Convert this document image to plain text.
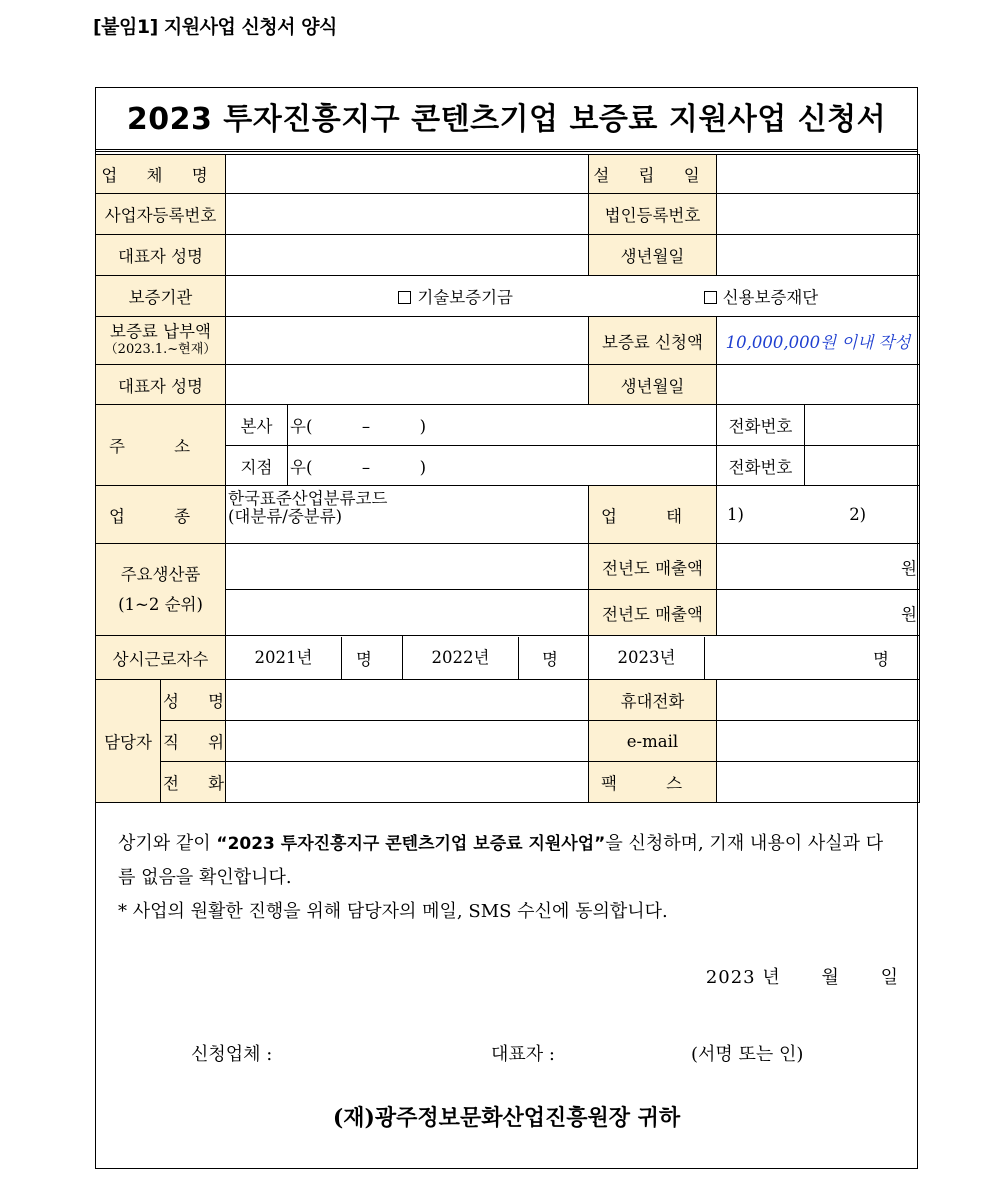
[붙임1] 지원사업 신청서 양식
2023 투자진흥지구 콘텐츠기업 보증료 지원사업 신청서
업 체 명					설 립 일		
사업자등록번호					법인등록번호		
대표자 성명					생년월일		
보증기관		기술보증기금 신용보증재단					

보증료 납부액
（2023.1.~현재）					보증료 신청액	10,000,000원 이내 작성	
대표자 성명					생년월일		
주 소		본사	우(　　　–　　　)			전화번호	
		지점	우(　　　–　　　)			전화번호	
업 종		한국표준산업분류코드
(대분류/중분류)			업 태	1) 2)	

주요생산품
(1~2 순위)					전년도 매출액	원	
					전년도 매출액	원	
상시근로자수		2021년 명		2022년 명	2023년 명		

담당자	성 명				휴대전화		
	직 위				e-mail		
	전 화				팩 스		
상기와 같이 “2023 투자진흥지구 콘텐츠기업 보증료 지원사업”을 신청하며, 기재 내용이 사실과 다름 없음을 확인합니다.
* 사업의 원활한 진행을 위해 담당자의 메일, SMS 수신에 동의합니다.
2023 년 월 일
신청업체 :	대표자 :	(서명 또는 인)
(재)광주정보문화산업진흥원장 귀하
